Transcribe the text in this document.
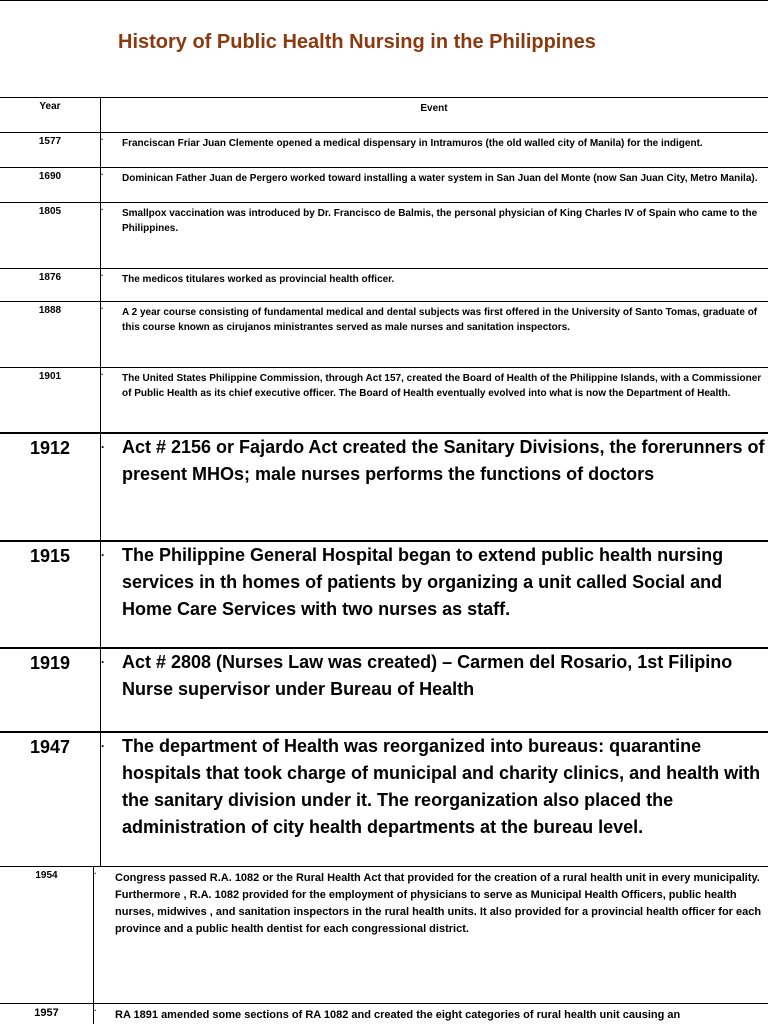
History of Public Health Nursing in the Philippines
Year	Event
1577	· Franciscan Friar Juan Clemente opened a medical dispensary in Intramuros (the old walled city of Manila) for the indigent.
1690	· Dominican Father Juan de Pergero worked toward installing a water system in San Juan del Monte (now San Juan City, Metro Manila).
1805	· Smallpox vaccination was introduced by Dr. Francisco de Balmis, the personal physician of King Charles IV of Spain who came to the Philippines.
1876	· The medicos titulares worked as provincial health officer.
1888	· A 2 year course consisting of fundamental medical and dental subjects was first offered in the University of Santo Tomas, graduate of this course known as cirujanos ministrantes served as male nurses and sanitation inspectors.
1901	· The United States Philippine Commission, through Act 157, created the Board of Health of the Philippine Islands, with a Commissioner of Public Health as its chief executive officer. The Board of Health eventually evolved into what is now the Department of Health.
1912	· Act # 2156 or Fajardo Act created the Sanitary Divisions, the forerunners of present MHOs; male nurses performs the functions of doctors
1915	· The Philippine General Hospital began to extend public health nursing services in th homes of patients by organizing a unit called Social and Home Care Services with two nurses as staff.
1919	· Act # 2808 (Nurses Law was created) – Carmen del Rosario, 1st Filipino Nurse supervisor under Bureau of Health
1947	· The department of Health was reorganized into bureaus: quarantine hospitals that took charge of municipal and charity clinics, and health with the sanitary division under it. The reorganization also placed the administration of city health departments at the bureau level.
1954	· Congress passed R.A. 1082 or the Rural Health Act that provided for the creation of a rural health unit in every municipality. Furthermore , R.A. 1082 provided for the employment of physicians to serve as Municipal Health Officers, public health nurses, midwives , and sanitation inspectors in the rural health units. It also provided for a provincial health officer for each province and a public health dentist for each congressional district.
1957	· RA 1891 amended some sections of RA 1082 and created the eight categories of rural health unit causing an
